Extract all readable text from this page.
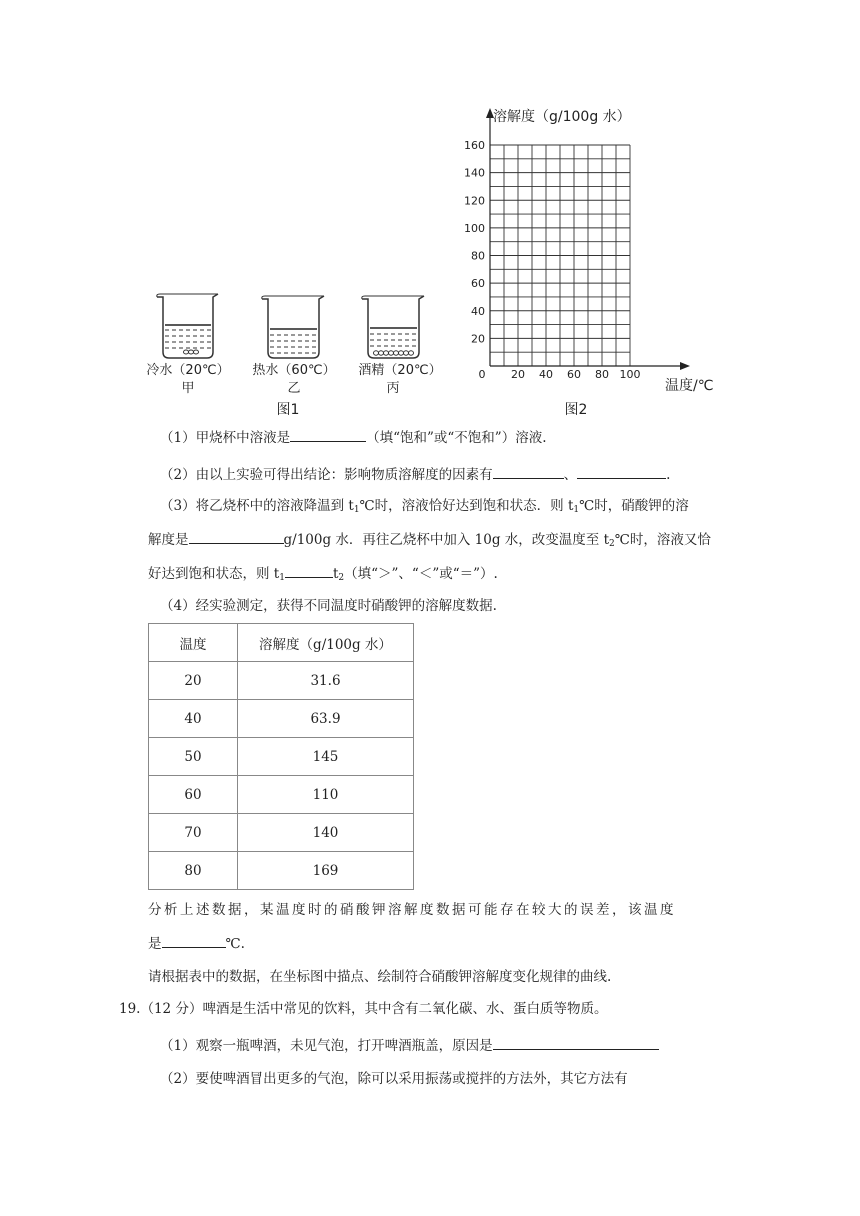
冷水（20℃）
甲
热水（60℃）
乙
酒精（20℃）
丙
图1
溶解度（g/100g 水）
温度/℃
160
140
120
100
80
60
40
20
0 20 40 60 80 100
图2
（1）甲烧杯中溶液是	（填“饱和”或“不饱和”）溶液.
（2）由以上实验可得出结论：影响物质溶解度的因素有	、	.
（3）将乙烧杯中的溶液降温到 $t_1℃$时，溶液恰好达到饱和状态．则 $t_1℃$时，硝酸钾的溶
解度是	g/100g 水．再往乙烧杯中加入 10g 水，改变温度至 $t_2℃$时，溶液又恰
好达到饱和状态，则 $t_1$	$t_2$（填“＞”、“＜”或“＝”）.
（4）经实验测定，获得不同温度时硝酸钾的溶解度数据.
温度	溶解度（g/100g 水）
20	31.6
40	63.9
50	145
60	110
70	140
80	169
分析上述数据，某温度时的硝酸钾溶解度数据可能存在较大的误差，该温度
是	℃.
请根据表中的数据，在坐标图中描点、绘制符合硝酸钾溶解度变化规律的曲线.
19.（12 分）啤酒是生活中常见的饮料，其中含有二氧化碳、水、蛋白质等物质。
（1）观察一瓶啤酒，未见气泡，打开啤酒瓶盖，原因是
（2）要使啤酒冒出更多的气泡，除可以采用振荡或搅拌的方法外，其它方法有
